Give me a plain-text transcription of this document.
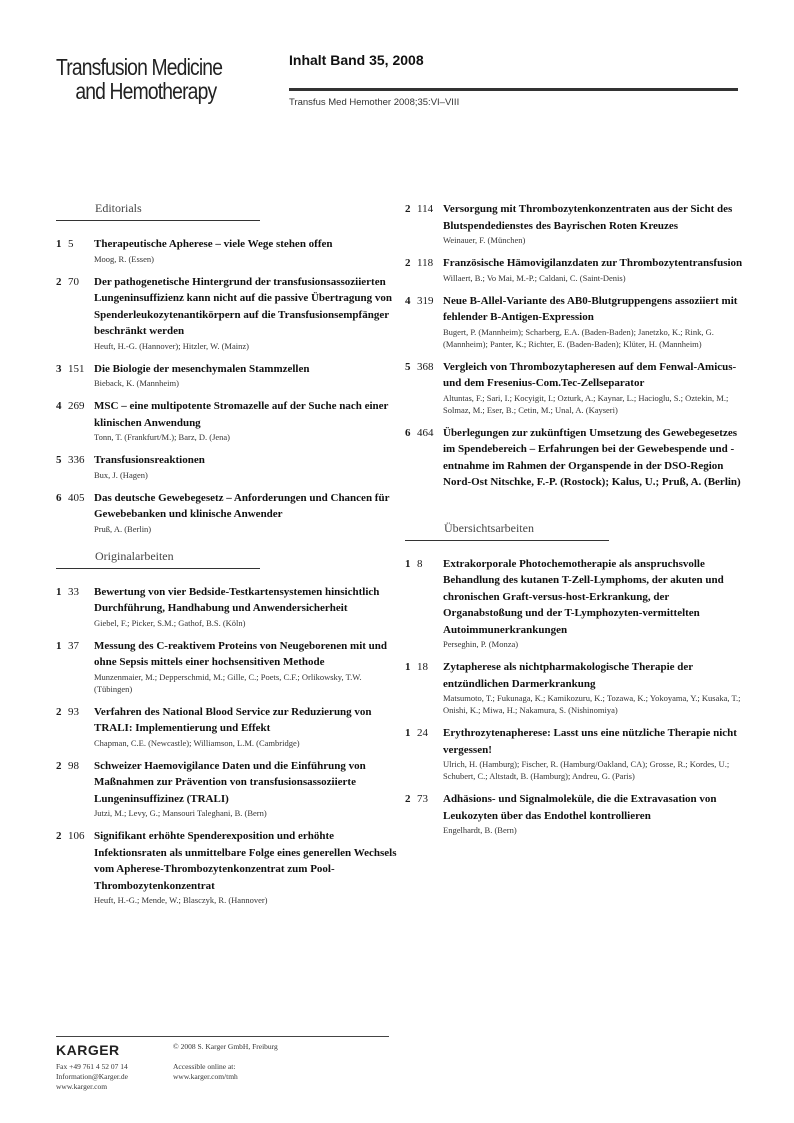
Transfusion Medicine
and Hemotherapy
Inhalt Band 35, 2008
Transfus Med Hemother 2008;35:VI–VIII
Editorials
1 5 Therapeutische Apherese – viele Wege stehen offen
Moog, R. (Essen)
2 70 Der pathogenetische Hintergrund der transfusionsassoziierten Lungeninsuffizienz kann nicht auf die passive Übertragung von Spenderleukozytenantikörpern auf die Transfusionsempfänger beschränkt werden
Heuft, H.-G. (Hannover); Hitzler, W. (Mainz)
3 151 Die Biologie der mesenchymalen Stammzellen
Bieback, K. (Mannheim)
4 269 MSC – eine multipotente Stromazelle auf der Suche nach einer klinischen Anwendung
Tonn, T. (Frankfurt/M.); Barz, D. (Jena)
5 336 Transfusionsreaktionen
Bux, J. (Hagen)
6 405 Das deutsche Gewebegesetz – Anforderungen und Chancen für Gewebebanken und klinische Anwender
Pruß, A. (Berlin)
Originalarbeiten
1 33 Bewertung von vier Bedside-Testkartensystemen hinsichtlich Durchführung, Handhabung und Anwendersicherheit
Giebel, F.; Picker, S.M.; Gathof, B.S. (Köln)
1 37 Messung des C-reaktivem Proteins von Neugeborenen mit und ohne Sepsis mittels einer hochsensitiven Methode
Munzenmaier, M.; Depperschmid, M.; Gille, C.; Poets, C.F.; Orlikowsky, T.W. (Tübingen)
2 93 Verfahren des National Blood Service zur Reduzierung von TRALI: Implementierung und Effekt
Chapman, C.E. (Newcastle); Williamson, L.M. (Cambridge)
2 98 Schweizer Haemovigilance Daten und die Einführung von Maßnahmen zur Prävention von transfusionsassoziierte Lungeninsuffizinez (TRALI)
Jutzi, M.; Levy, G.; Mansouri Taleghani, B. (Bern)
2 106 Signifikant erhöhte Spenderexposition und erhöhte Infektionsraten als unmittelbare Folge eines generellen Wechsels vom Apherese-Thrombozytenkonzentrat zum Pool-Thrombozytenkonzentrat
Heuft, H.-G.; Mende, W.; Blasczyk, R. (Hannover)
2 114 Versorgung mit Thrombozytenkonzentraten aus der Sicht des Blutspendedienstes des Bayrischen Roten Kreuzes
Weinauer, F. (München)
2 118 Französische Hämovigilanzdaten zur Thrombozytentransfusion
Willaert, B.; Vo Mai, M.-P.; Caldani, C. (Saint-Denis)
4 319 Neue B-Allel-Variante des AB0-Blutgruppengens assoziiert mit fehlender B-Antigen-Expression
Bugert, P. (Mannheim); Scharberg, E.A. (Baden-Baden); Janetzko, K.; Rink, G. (Mannheim); Panter, K.; Richter, E. (Baden-Baden); Klüter, H. (Mannheim)
5 368 Vergleich von Thrombozytapheresen auf dem Fenwal-Amicus- und dem Fresenius-Com.Tec-Zellseparator
Altuntas, F.; Sari, I.; Kocyigit, I.; Ozturk, A.; Kaynar, L.; Hacioglu, S.; Oztekin, M.; Solmaz, M.; Eser, B.; Cetin, M.; Unal, A. (Kayseri)
6 464 Überlegungen zur zukünftigen Umsetzung des Gewebegesetzes im Spendebereich – Erfahrungen bei der Gewebespende und -entnahme im Rahmen der Organspende in der DSO-Region Nord-Ost Nitschke, F.-P. (Rostock); Kalus, U.; Pruß, A. (Berlin)
Übersichtsarbeiten
1 8 Extrakorporale Photochemotherapie als anspruchsvolle Behandlung des kutanen T-Zell-Lymphoms, der akuten und chronischen Graft-versus-host-Erkrankung, der Organabstoßung und der T-Lymphozyten-vermittelten Autoimmunerkrankungen
Perseghin, P. (Monza)
1 18 Zytapherese als nichtpharmakologische Therapie der entzündlichen Darmerkrankung
Matsumoto, T.; Fukunaga, K.; Kamikozuru, K.; Tozawa, K.; Yokoyama, Y.; Kusaka, T.; Onishi, K.; Miwa, H.; Nakamura, S. (Nishinomiya)
1 24 Erythrozytenapherese: Lasst uns eine nützliche Therapie nicht vergessen!
Ulrich, H. (Hamburg); Fischer, R. (Hamburg/Oakland, CA); Grosse, R.; Kordes, U.; Schubert, C.; Altstadt, B. (Hamburg); Andreu, G. (Paris)
2 73 Adhäsions- und Signalmoleküle, die die Extravasation von Leukozyten über das Endothel kontrollieren
Engelhardt, B. (Bern)
KARGER
Fax +49 761 4 52 07 14
Information@Karger.de
www.karger.com
© 2008 S. Karger GmbH, Freiburg
Accessible online at:
www.karger.com/tmh
